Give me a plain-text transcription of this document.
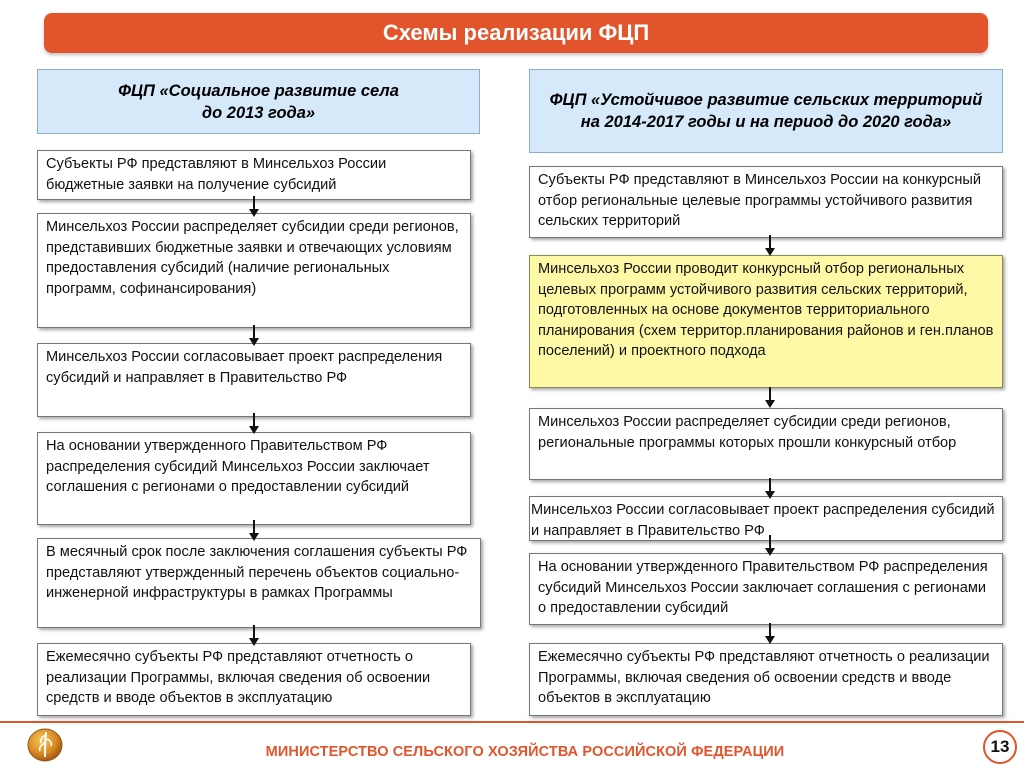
Схемы реализации ФЦП
ФЦП «Социальное развитие села
до 2013 года»
Субъекты РФ представляют в Минсельхоз России бюджетные заявки на получение субсидий
Минсельхоз России распределяет субсидии среди регионов, представивших бюджетные заявки и отвечающих условиям предоставления субсидий (наличие региональных программ, софинансирования)
Минсельхоз России согласовывает проект распределения субсидий и направляет в Правительство РФ
На основании утвержденного Правительством РФ распределения субсидий Минсельхоз России заключает соглашения с регионами о предоставлении субсидий
В месячный срок после заключения соглашения субъекты РФ представляют утвержденный перечень объектов социально-инженерной инфраструктуры в рамках Программы
Ежемесячно субъекты РФ представляют отчетность о реализации Программы, включая сведения об освоении средств и вводе объектов в эксплуатацию
ФЦП «Устойчивое развитие сельских территорий на 2014-2017 годы и на период до 2020 года»
Субъекты РФ представляют в Минсельхоз России на конкурсный отбор региональные целевые программы устойчивого развития сельских территорий
Минсельхоз России проводит конкурсный отбор региональных целевых программ устойчивого развития сельских территорий, подготовленных на основе документов территориального планирования (схем территор.планирования районов и ген.планов поселений) и проектного подхода
Минсельхоз России распределяет субсидии среди регионов, региональные программы которых прошли конкурсный отбор
Минсельхоз России согласовывает проект распределения субсидий и направляет в Правительство РФ
На основании утвержденного Правительством РФ распределения субсидий Минсельхоз России заключает соглашения с регионами о предоставлении субсидий
Ежемесячно субъекты РФ представляют отчетность о реализации Программы, включая сведения об освоении средств и вводе объектов в эксплуатацию
МИНИСТЕРСТВО СЕЛЬСКОГО ХОЗЯЙСТВА РОССИЙСКОЙ ФЕДЕРАЦИИ	13
